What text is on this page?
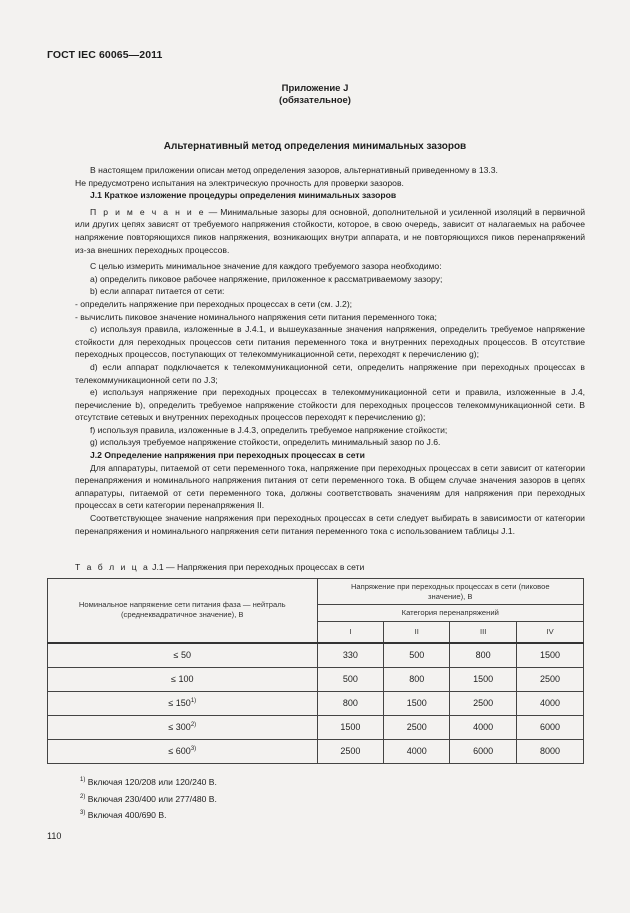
ГОСТ IEC 60065—2011
Приложение J
(обязательное)
Альтернативный метод определения минимальных зазоров

В настоящем приложении описан метод определения зазоров, альтернативный приведенному в 13.3.

Не предусмотрено испытания на электрическую прочность для проверки зазоров.

J.1 Краткое изложение процедуры определения минимальных зазоров

П р и м е ч а н и е — Минимальные зазоры для основной, дополнительной и усиленной изоляций в первичной или других цепях зависят от требуемого напряжения стойкости, которое, в свою очередь, зависит от налагаемых на рабочее напряжение повторяющихся пиков напряжения, возникающих внутри аппарата, и не повторяющихся пиков перенапряжений из-за внешних переходных процессов.

С целью измерить минимальное значение для каждого требуемого зазора необходимо:

а) определить пиковое рабочее напряжение, приложенное к рассматриваемому зазору;

b) если аппарат питается от сети:

- определить напряжение при переходных процессах в сети (см. J.2);

- вычислить пиковое значение номинального напряжения сети питания переменного тока;

с) используя правила, изложенные в J.4.1, и вышеуказанные значения напряжения, определить требуемое напряжение стойкости для переходных процессов сети питания переменного тока и внутренних переходных процессов. В отсутствие переходных процессов, поступающих от телекоммуникационной сети, переходят к перечислению g);

d) если аппарат подключается к телекоммуникационной сети, определить напряжение при переходных процессах в телекоммуникационной сети по J.3;

е) используя напряжение при переходных процессах в телекоммуникационной сети и правила, изложенные в J.4, перечисление b), определить требуемое напряжение стойкости для переходных процессов телекоммуникационной сети. В отсутствие сетевых и внутренних переходных процессов переходят к перечислению g);

f) используя правила, изложенные в J.4.3, определить требуемое напряжение стойкости;

g) используя требуемое напряжение стойкости, определить минимальный зазор по J.6.

J.2 Определение напряжения при переходных процессах в сети

Для аппаратуры, питаемой от сети переменного тока, напряжение при переходных процессах в сети зависит от категории перенапряжения и номинального напряжения питания от сети переменного тока. В общем случае значения зазоров в цепях аппаратуры, питаемой от сети переменного тока, должны соответствовать значениям для напряжения при переходных процессах в сети категории перенапряжения II.

Соответствующее значение напряжения при переходных процессах в сети следует выбирать в зависимости от категории перенапряжения и номинального напряжения сети питания переменного тока с использованием таблицы J.1.

Т а б л и ц а J.1 — Напряжения при переходных процессах в сети
Номинальное напряжение сети питания фаза — нейтраль (среднеквадратичное значение), В	Напряжение при переходных процессах в сети (пиковое значение), В			
	Категория перенапряжений			
	I	II	III	IV
≤ 50	330	500	800	1500
≤ 100	500	800	1500	2500
≤ $150^{1)}$	800	1500	2500	4000
≤ $300^{2)}$	1500	2500	4000	6000
≤ $600^{3)}$	2500	4000	6000	8000
$^{1)}$ Включая 120/208 или 120/240 В.
$^{2)}$ Включая 230/400 или 277/480 В.
$^{3)}$ Включая 400/690 В.
110
